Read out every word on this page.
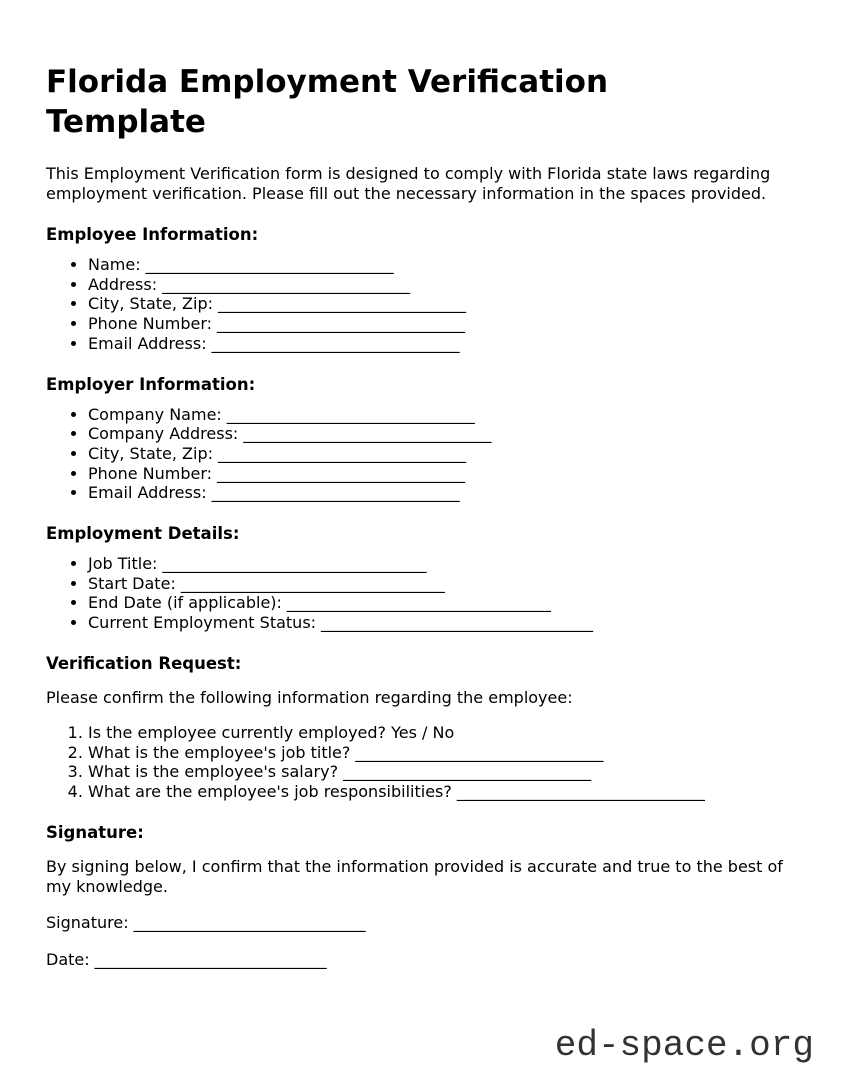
Florida Employment Verification Template

This Employment Verification form is designed to comply with Florida state laws regarding employment verification. Please fill out the necessary information in the spaces provided.

Employee Information:
• Name: _______________________________
• Address: _______________________________
• City, State, Zip: _______________________________
• Phone Number: _______________________________
• Email Address: _______________________________
Employer Information:
• Company Name: _______________________________
• Company Address: _______________________________
• City, State, Zip: _______________________________
• Phone Number: _______________________________
• Email Address: _______________________________
Employment Details:
• Job Title: _________________________________
• Start Date: _________________________________
• End Date (if applicable): _________________________________
• Current Employment Status: __________________________________
Verification Request:

Please confirm the following information regarding the employee:

1. Is the employee currently employed? Yes / No
2. What is the employee's job title? _______________________________
3. What is the employee's salary? _______________________________
4. What are the employee's job responsibilities? _______________________________
Signature:

By signing below, I confirm that the information provided is accurate and true to the best of my knowledge.

Signature: _____________________________

Date: _____________________________

ed-space.org
